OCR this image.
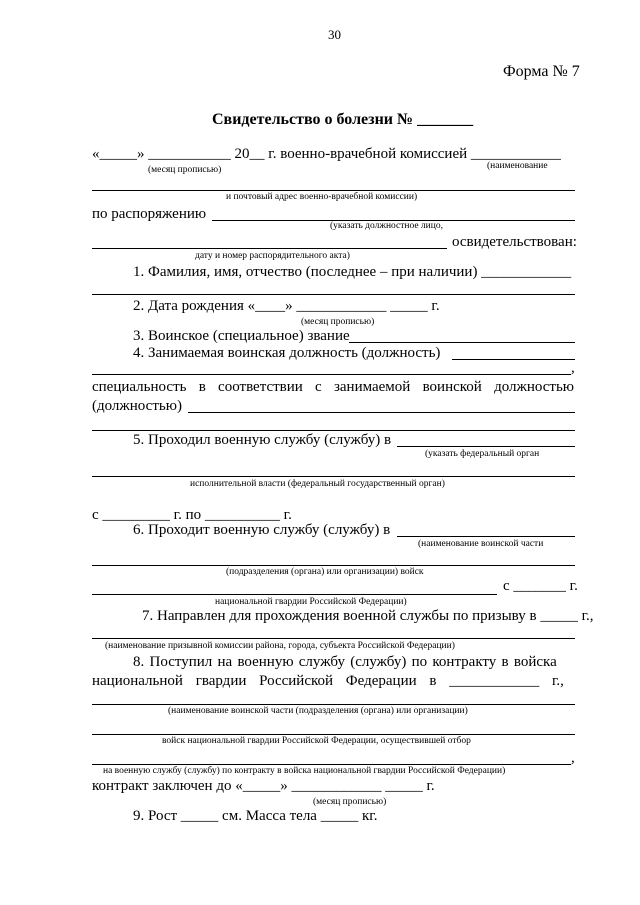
30
Форма № 7
Свидетельство о болезни № _______
«_____» ___________ 20__ г. военно-врачебной комиссией ____________
(месяц прописью)	(наименование
и почтовый адрес военно-врачебной комиссии)
по распоряжению
(указать должностное лицо,
освидетельствован:
дату и номер распорядительного акта)
1. Фамилия, имя, отчество (последнее – при наличии) ____________
2. Дата рождения «____» ____________ _____ г.
(месяц прописью)
3. Воинское (специальное) звание
4. Занимаемая воинская должность (должность)
,
специальность в соответствии с занимаемой воинской должностью
(должностью)
5. Проходил военную службу (службу) в
(указать федеральный орган
исполнительной власти (федеральный государственный орган)
с _________ г. по __________ г.
6. Проходит военную службу (службу) в
(наименование воинской части
(подразделения (органа) или организации) войск
с _______ г.
национальной гвардии Российской Федерации)
7. Направлен для прохождения военной службы по призыву в _____ г.,
(наименование призывной комиссии района, города, субъекта Российской Федерации)
8. Поступил на военную службу (службу) по контракту в войска
национальной гвардии Российской Федерации в ____________ г.,
(наименование воинской части (подразделения (органа) или организации)
войск национальной гвардии Российской Федерации, осуществившей отбор
,
на военную службу (службу) по контракту в войска национальной гвардии Российской Федерации)
контракт заключен до «_____» ____________ _____ г.
(месяц прописью)
9. Рост _____ см. Масса тела _____ кг.
